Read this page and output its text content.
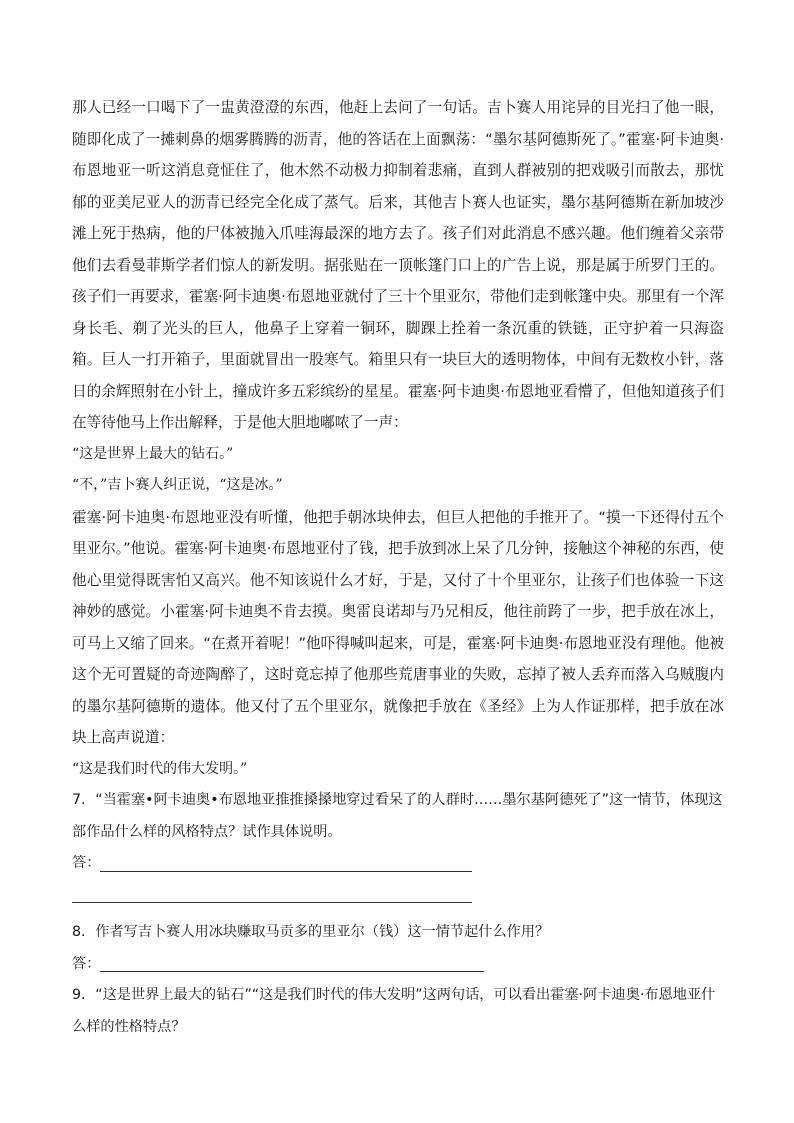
那人已经一口喝下了一盅黄澄澄的东西，他赶上去问了一句话。吉卜赛人用诧异的目光扫了他一眼，随即化成了一摊刺鼻的烟雾腾腾的沥青，他的答话在上面飘荡：“墨尔基阿德斯死了。”霍塞·阿卡迪奥·布恩地亚一听这消息竟怔住了，他木然不动极力抑制着悲痛，直到人群被别的把戏吸引而散去，那忧郁的亚美尼亚人的沥青已经完全化成了蒸气。后来，其他吉卜赛人也证实，墨尔基阿德斯在新加坡沙滩上死于热病，他的尸体被抛入爪哇海最深的地方去了。孩子们对此消息不感兴趣。他们缠着父亲带他们去看曼菲斯学者们惊人的新发明。据张贴在一顶帐篷门口上的广告上说，那是属于所罗门王的。孩子们一再要求，霍塞·阿卡迪奥·布恩地亚就付了三十个里亚尔，带他们走到帐篷中央。那里有一个浑身长毛、剃了光头的巨人，他鼻子上穿着一铜环，脚踝上拴着一条沉重的铁链，正守护着一只海盗箱。巨人一打开箱子，里面就冒出一股寒气。箱里只有一块巨大的透明物体，中间有无数枚小针，落日的余辉照射在小针上，撞成许多五彩缤纷的星星。霍塞·阿卡迪奥·布恩地亚看懵了，但他知道孩子们在等待他马上作出解释，于是他大胆地嘟哝了一声：

“这是世界上最大的钻石。”

“不，”吉卜赛人纠正说，“这是冰。”

霍塞·阿卡迪奥·布恩地亚没有听懂，他把手朝冰块伸去，但巨人把他的手推开了。“摸一下还得付五个里亚尔。”他说。霍塞·阿卡迪奥·布恩地亚付了钱，把手放到冰上呆了几分钟，接触这个神秘的东西，使他心里觉得既害怕又高兴。他不知该说什么才好，于是，又付了十个里亚尔，让孩子们也体验一下这神妙的感觉。小霍塞·阿卡迪奥不肯去摸。奥雷良诺却与乃兄相反，他往前跨了一步，把手放在冰上，可马上又缩了回来。“在煮开着呢！”他吓得喊叫起来，可是，霍塞·阿卡迪奥·布恩地亚没有理他。他被这个无可置疑的奇迹陶醉了，这时竟忘掉了他那些荒唐事业的失败，忘掉了被人丢弃而落入乌贼腹内的墨尔基阿德斯的遗体。他又付了五个里亚尔，就像把手放在《圣经》上为人作证那样，把手放在冰块上高声说道：

“这是我们时代的伟大发明。”

7．“当霍塞•阿卡迪奥•布恩地亚推推搡搡地穿过看呆了的人群时……墨尔基阿德死了”这一情节，体现这部作品什么样的风格特点？试作具体说明。

答：

8．作者写吉卜赛人用冰块赚取马贡多的里亚尔（钱）这一情节起什么作用？

答：

9．“这是世界上最大的钻石”“这是我们时代的伟大发明”这两句话，可以看出霍塞·阿卡迪奥·布恩地亚什么样的性格特点？
